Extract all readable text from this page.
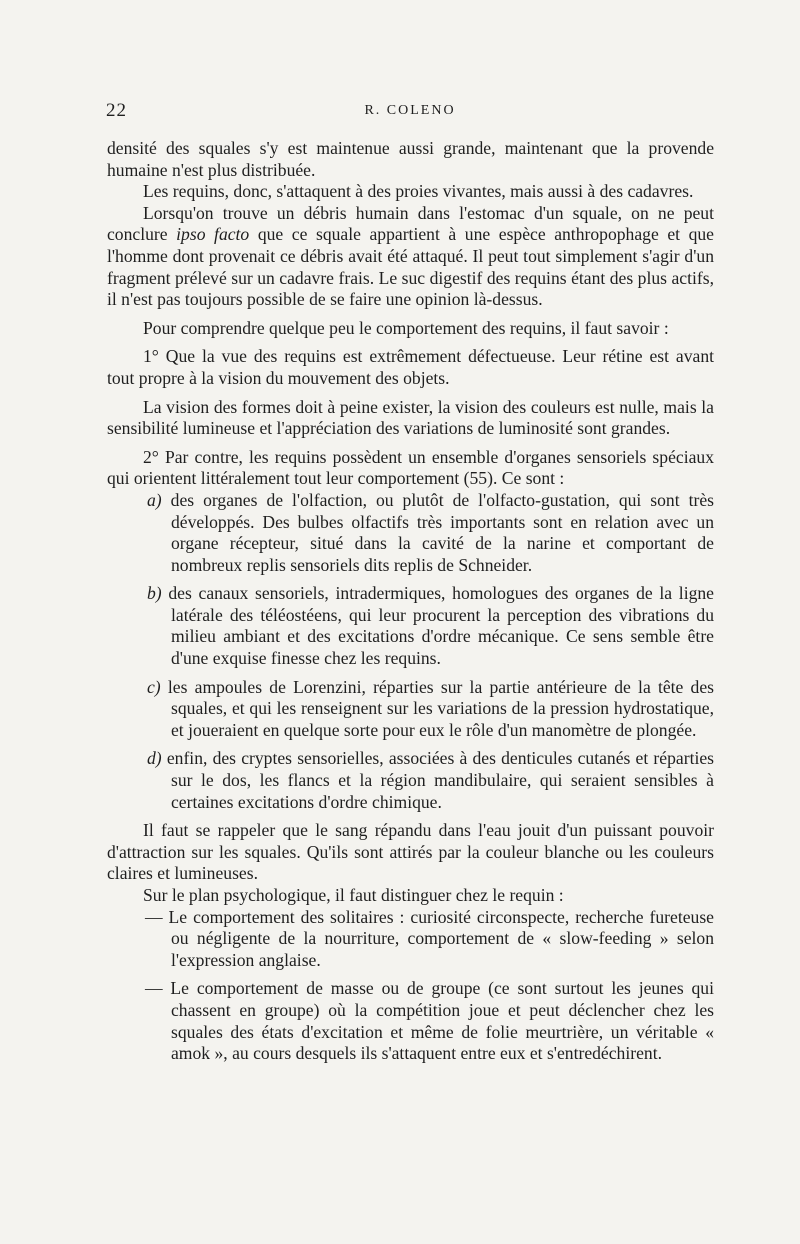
22	R. COLENO

densité des squales s'y est maintenue aussi grande, maintenant que la provende humaine n'est plus distribuée.

Les requins, donc, s'attaquent à des proies vivantes, mais aussi à des cadavres.

Lorsqu'on trouve un débris humain dans l'estomac d'un squale, on ne peut conclure ipso facto que ce squale appartient à une espèce anthropophage et que l'homme dont provenait ce débris avait été attaqué. Il peut tout simplement s'agir d'un fragment prélevé sur un cadavre frais. Le suc digestif des requins étant des plus actifs, il n'est pas toujours possible de se faire une opinion là-dessus.

Pour comprendre quelque peu le comportement des requins, il faut savoir :

1° Que la vue des requins est extrêmement défectueuse. Leur rétine est avant tout propre à la vision du mouvement des objets.

La vision des formes doit à peine exister, la vision des couleurs est nulle, mais la sensibilité lumineuse et l'appréciation des variations de luminosité sont grandes.

2° Par contre, les requins possèdent un ensemble d'organes sensoriels spéciaux qui orientent littéralement tout leur comportement (55). Ce sont :

a) des organes de l'olfaction, ou plutôt de l'olfacto-gustation, qui sont très développés. Des bulbes olfactifs très importants sont en relation avec un organe récepteur, situé dans la cavité de la narine et comportant de nombreux replis sensoriels dits replis de Schneider.

b) des canaux sensoriels, intradermiques, homologues des organes de la ligne latérale des téléostéens, qui leur procurent la perception des vibrations du milieu ambiant et des excitations d'ordre mécanique. Ce sens semble être d'une exquise finesse chez les requins.

c) les ampoules de Lorenzini, réparties sur la partie antérieure de la tête des squales, et qui les renseignent sur les variations de la pression hydrostatique, et joueraient en quelque sorte pour eux le rôle d'un manomètre de plongée.

d) enfin, des cryptes sensorielles, associées à des denticules cutanés et réparties sur le dos, les flancs et la région mandibulaire, qui seraient sensibles à certaines excitations d'ordre chimique.

Il faut se rappeler que le sang répandu dans l'eau jouit d'un puissant pouvoir d'attraction sur les squales. Qu'ils sont attirés par la couleur blanche ou les couleurs claires et lumineuses.

Sur le plan psychologique, il faut distinguer chez le requin :

— Le comportement des solitaires : curiosité circonspecte, recherche fureteuse ou négligente de la nourriture, comportement de « slow-feeding » selon l'expression anglaise.

— Le comportement de masse ou de groupe (ce sont surtout les jeunes qui chassent en groupe) où la compétition joue et peut déclencher chez les squales des états d'excitation et même de folie meurtrière, un véritable « amok », au cours desquels ils s'attaquent entre eux et s'entredéchirent.
